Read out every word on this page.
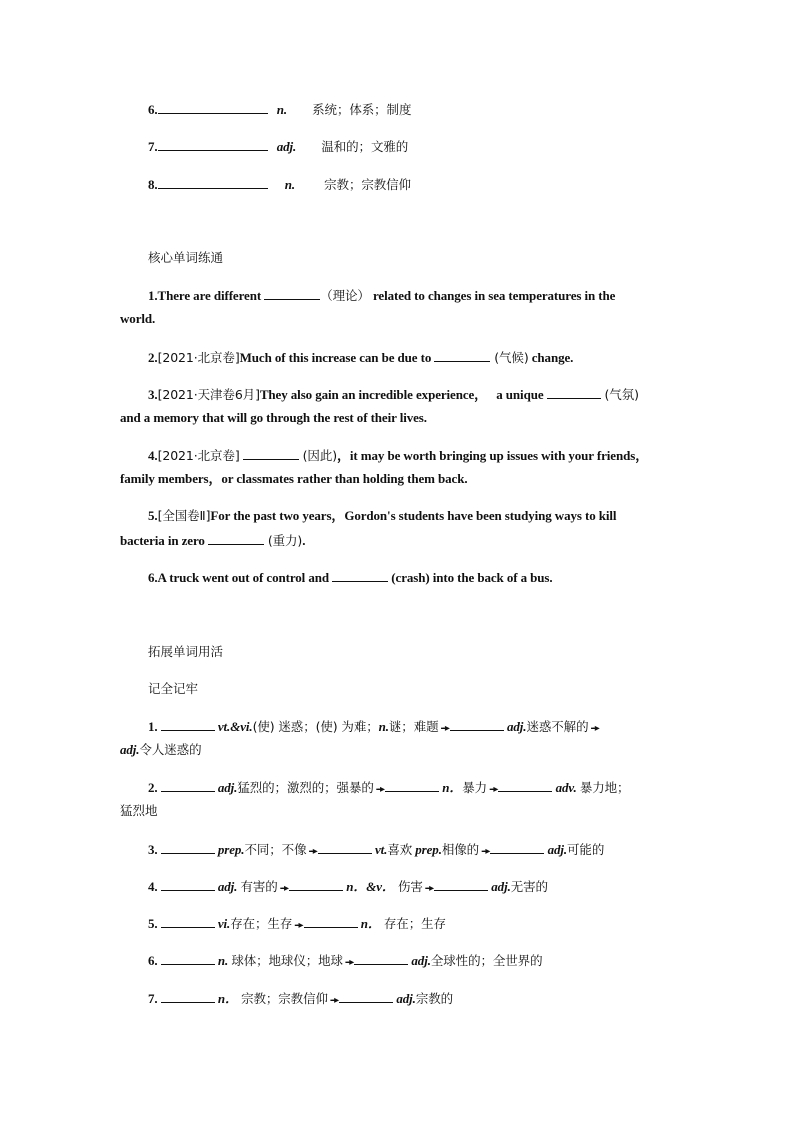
6.	n. 系统；体系；制度
7.	adj. 温和的；文雅的
8.	n. 宗教；宗教信仰
核心单词练通
1.There are different	（理论） related to changes in sea temperatures in the
world.
2.[2021·北京卷]Much of this increase can be due to	(气候) change.
3.[2021·天津卷6月]They also gain an incredible experience， a unique	(气氛)
and a memory that will go through the rest of their lives.
4.[2021·北京卷]	(因此)，it may be worth bringing up issues with your friends，
family members，or classmates rather than holding them back.
5.[全国卷Ⅱ]For the past two years，Gordon's students have been studying ways to kill
bacteria in zero	(重力).
6.A truck went out of control and	(crash) into the back of a bus.
拓展单词用活
记全记牢
1.	vt.&vi.(使) 迷惑；(使) 为难；n.谜；难题 --▸	adj.迷惑不解的 --▸
adj.令人迷惑的
2.	adj.猛烈的；激烈的；强暴的 --▸	n．暴力 --▸	adv. 暴力地；
猛烈地
3.	prep.不同；不像 --▸	vt.喜欢 prep.相像的 --▸	adj.可能的
4.	adj. 有害的 --▸	n．&v． 伤害 --▸	adj.无害的
5.	vi.存在；生存 --▸	n． 存在；生存
6.	n. 球体；地球仪；地球 --▸	adj.全球性的；全世界的
7.	n． 宗教；宗教信仰 --▸	adj.宗教的
